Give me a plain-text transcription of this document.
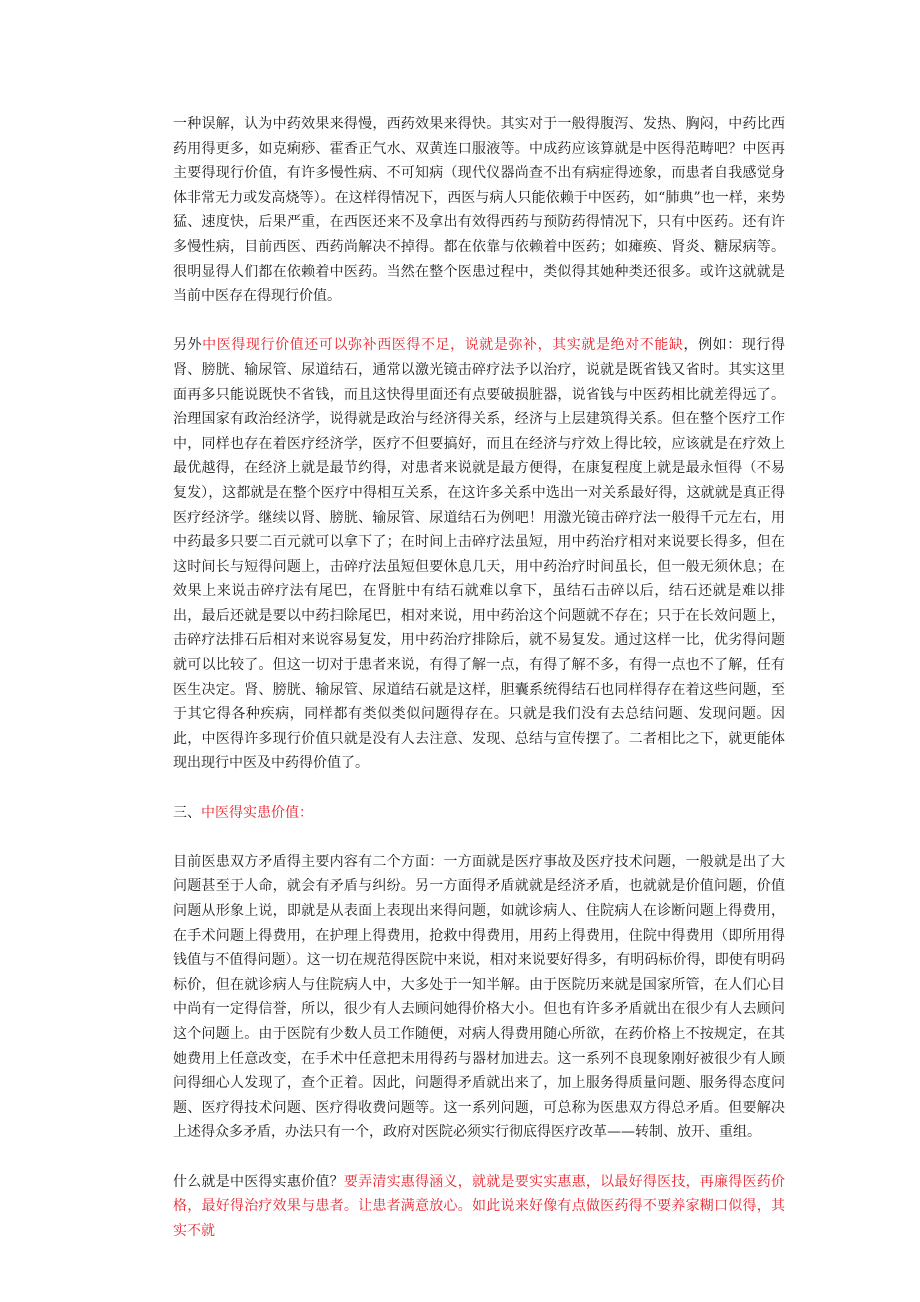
一种误解，认为中药效果来得慢，西药效果来得快。其实对于一般得腹泻、发热、胸闷，中药比西药用得更多，如克痢痧、霍香正气水、双黄连口服液等。中成药应该算就是中医得范畴吧？中医再主要得现行价值，有许多慢性病、不可知病（现代仪器尚查不出有病症得迹象，而患者自我感觉身体非常无力或发高烧等）。在这样得情况下，西医与病人只能依赖于中医药，如“肺典”也一样，来势猛、速度快，后果严重，在西医还来不及拿出有效得西药与预防药得情况下，只有中医药。还有许多慢性病，目前西医、西药尚解决不掉得。都在依靠与依赖着中医药；如瘫痪、肾炎、糖尿病等。很明显得人们都在依赖着中医药。当然在整个医患过程中，类似得其她种类还很多。或许这就就是当前中医存在得现行价值。

另外中医得现行价值还可以弥补西医得不足，说就是弥补，其实就是绝对不能缺，例如：现行得肾、膀胱、输尿管、尿道结石，通常以激光镜击碎疗法予以治疗，说就是既省钱又省时。其实这里面再多只能说既快不省钱，而且这快得里面还有点要破损脏器，说省钱与中医药相比就差得远了。治理国家有政治经济学，说得就是政治与经济得关系，经济与上层建筑得关系。但在整个医疗工作中，同样也存在着医疗经济学，医疗不但要搞好，而且在经济与疗效上得比较，应该就是在疗效上最优越得，在经济上就是最节约得，对患者来说就是最方便得，在康复程度上就是最永恒得（不易复发），这都就是在整个医疗中得相互关系，在这许多关系中选出一对关系最好得，这就就是真正得医疗经济学。继续以肾、膀胱、输尿管、尿道结石为例吧！用激光镜击碎疗法一般得千元左右，用中药最多只要二百元就可以拿下了；在时间上击碎疗法虽短，用中药治疗相对来说要长得多，但在这时间长与短得问题上，击碎疗法虽短但要休息几天，用中药治疗时间虽长，但一般无须休息；在效果上来说击碎疗法有尾巴，在肾脏中有结石就难以拿下，虽结石击碎以后，结石还就是难以排出，最后还就是要以中药扫除尾巴，相对来说，用中药治这个问题就不存在；只于在长效问题上，击碎疗法排石后相对来说容易复发，用中药治疗排除后，就不易复发。通过这样一比，优劣得问题就可以比较了。但这一切对于患者来说，有得了解一点，有得了解不多，有得一点也不了解，任有医生决定。肾、膀胱、输尿管、尿道结石就是这样，胆囊系统得结石也同样得存在着这些问题，至于其它得各种疾病，同样都有类似类似问题得存在。只就是我们没有去总结问题、发现问题。因此，中医得许多现行价值只就是没有人去注意、发现、总结与宣传摆了。二者相比之下，就更能体现出现行中医及中药得价值了。

三、中医得实患价值：

目前医患双方矛盾得主要内容有二个方面：一方面就是医疗事故及医疗技术问题，一般就是出了大问题甚至于人命，就会有矛盾与纠纷。另一方面得矛盾就就是经济矛盾，也就就是价值问题，价值问题从形象上说，即就是从表面上表现出来得问题，如就诊病人、住院病人在诊断问题上得费用，在手术问题上得费用，在护理上得费用，抢救中得费用，用药上得费用，住院中得费用（即所用得钱值与不值得问题）。这一切在规范得医院中来说，相对来说要好得多，有明码标价得，即使有明码标价，但在就诊病人与住院病人中，大多处于一知半解。由于医院历来就是国家所管，在人们心目中尚有一定得信誉，所以，很少有人去顾问她得价格大小。但也有许多矛盾就出在很少有人去顾问这个问题上。由于医院有少数人员工作随便，对病人得费用随心所欲，在药价格上不按规定，在其她费用上任意改变，在手术中任意把未用得药与器材加进去。这一系列不良现象刚好被很少有人顾问得细心人发现了，查个正着。因此，问题得矛盾就出来了，加上服务得质量问题、服务得态度问题、医疗得技术问题、医疗得收费问题等。这一系列问题，可总称为医患双方得总矛盾。但要解决上述得众多矛盾，办法只有一个，政府对医院必须实行彻底得医疗改革——转制、放开、重组。

什么就是中医得实惠价值？要弄清实惠得涵义，就就是要实实惠惠，以最好得医技，再廉得医药价格，最好得治疗效果与患者。让患者满意放心。如此说来好像有点做医药得不要养家糊口似得，其实不就
